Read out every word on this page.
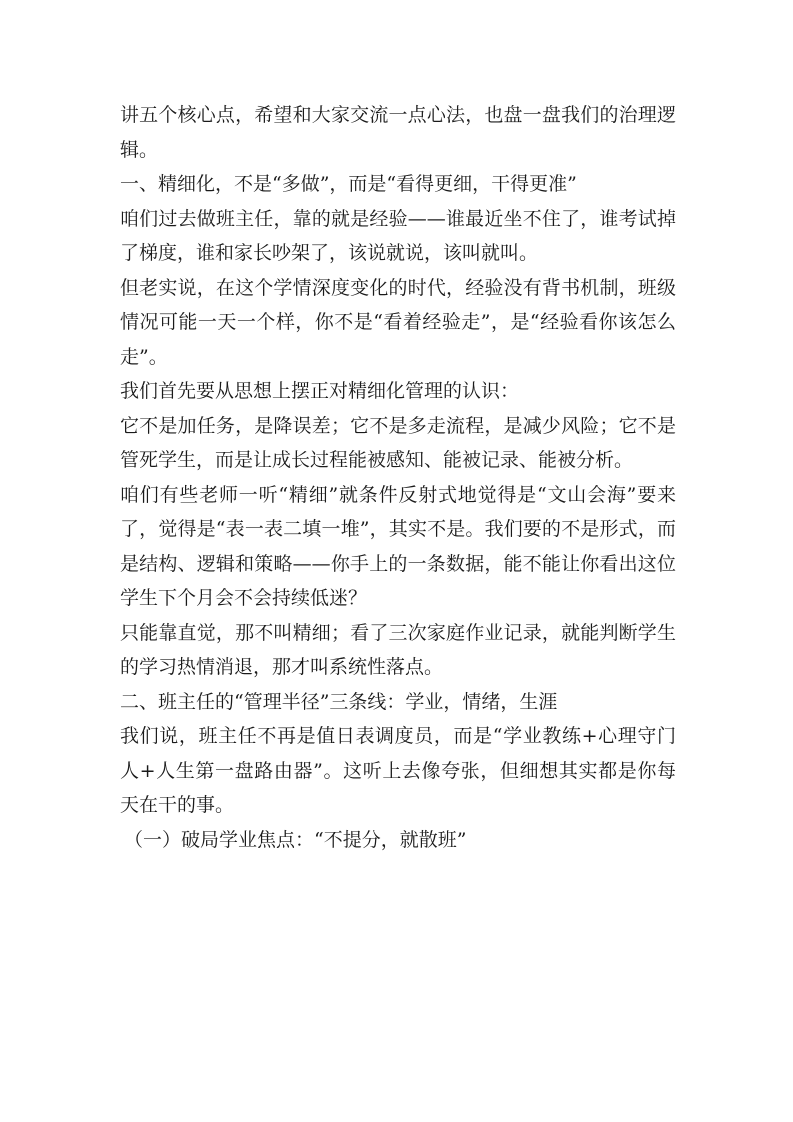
讲五个核心点，希望和大家交流一点心法，也盘一盘我们的治理逻辑。

一、精细化，不是“多做”，而是“看得更细，干得更准”

咱们过去做班主任，靠的就是经验——谁最近坐不住了，谁考试掉了梯度，谁和家长吵架了，该说就说，该叫就叫。

但老实说，在这个学情深度变化的时代，经验没有背书机制，班级情况可能一天一个样，你不是“看着经验走”，是“经验看你该怎么走”。

我们首先要从思想上摆正对精细化管理的认识：

它不是加任务，是降误差；它不是多走流程，是减少风险；它不是管死学生，而是让成长过程能被感知、能被记录、能被分析。

咱们有些老师一听“精细”就条件反射式地觉得是“文山会海”要来了，觉得是“表一表二填一堆”，其实不是。我们要的不是形式，而是结构、逻辑和策略——你手上的一条数据，能不能让你看出这位学生下个月会不会持续低迷？

只能靠直觉，那不叫精细；看了三次家庭作业记录，就能判断学生的学习热情消退，那才叫系统性落点。

二、班主任的“管理半径”三条线：学业，情绪，生涯

我们说，班主任不再是值日表调度员，而是“学业教练+心理守门人+人生第一盘路由器”。这听上去像夸张，但细想其实都是你每天在干的事。

（一）破局学业焦点：“不提分，就散班”
